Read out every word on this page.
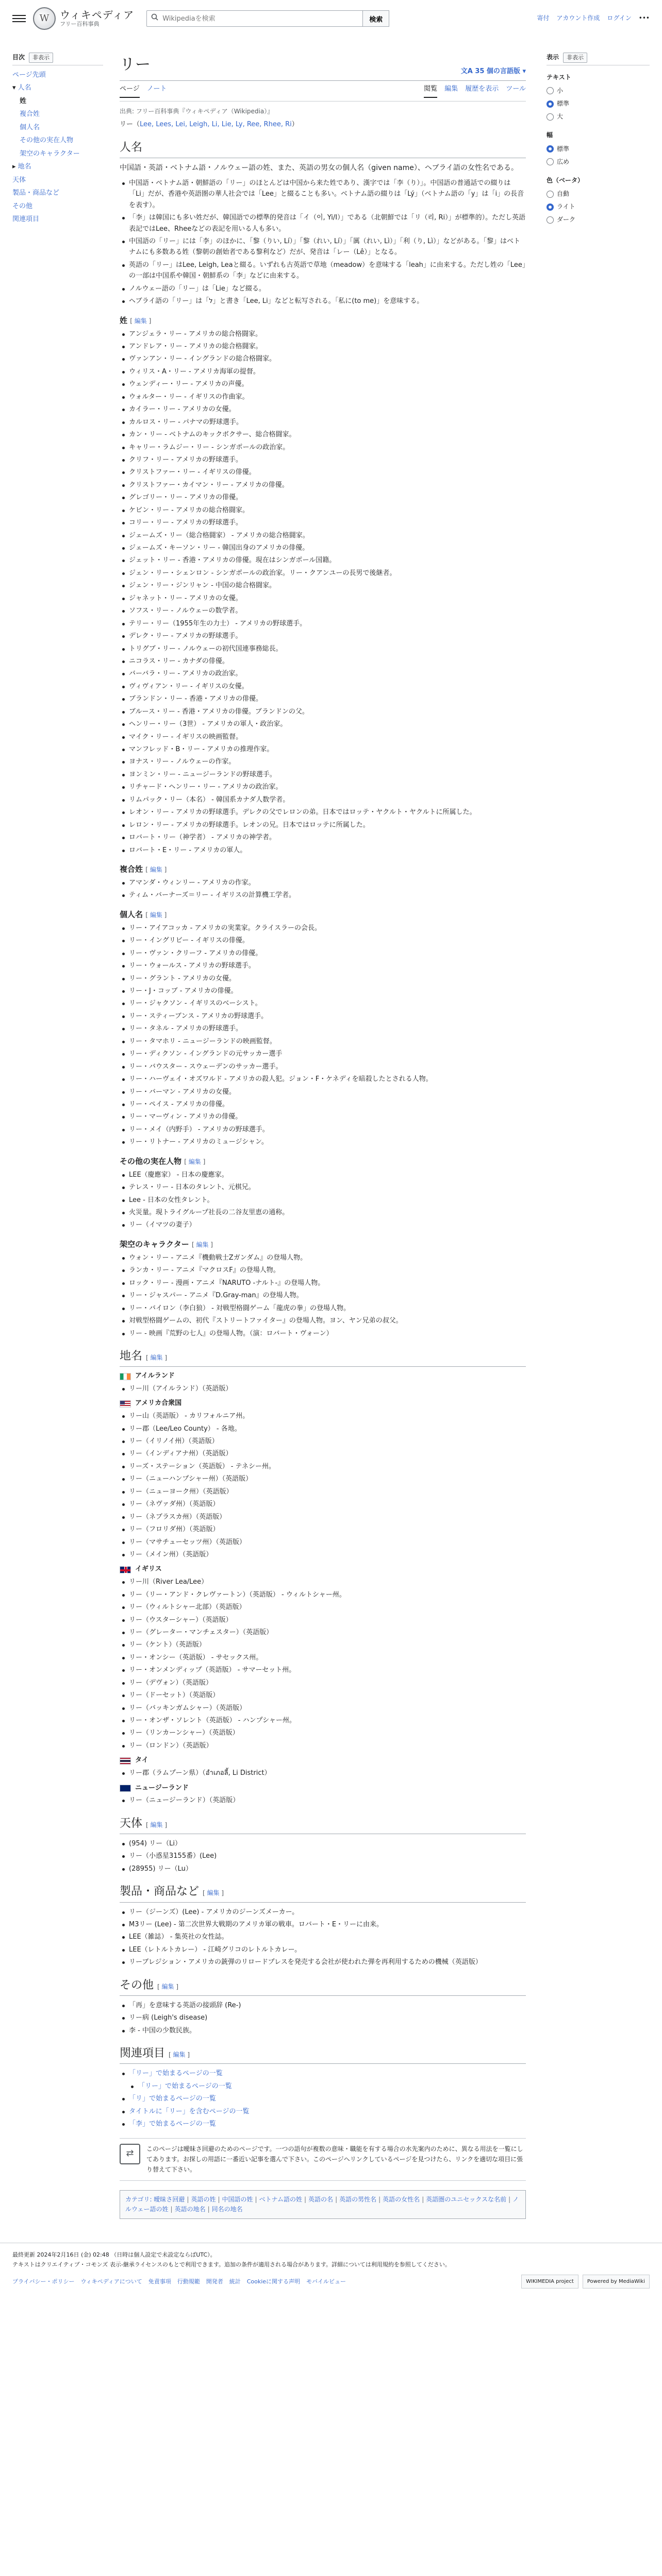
W	ウィキペディア
フリー百科事典
Wikipediaを検索
検索	寄付 アカウント作成 ログイン •••
目次	非表示
ページ先頭
▾ 人名
姓
複合姓
個人名
その他の実在人物
架空のキャラクター
▸ 地名
天体
製品・商品など
その他
関連項目
リー	文A 35 個の言語版 ▾
ページ ノート	閲覧 編集 履歴を表示 ツール
出典: フリー百科事典『ウィキペディア（Wikipedia）』
リー（Lee, Lees, Lei, Leigh, Li, Lie, Ly, Ree, Rhee, Ri）
人名

中国語・英語・ベトナム語・ノルウェー語の姓、また、英語の男女の個人名（given name）、ヘブライ語の女性名である。

中国語・ベトナム語・朝鮮語の「リー」のほとんどは中国から来た姓であり、漢字では「李（り）」。中国語の普通話での綴りは「Li」だが、香港や英語圏の華人社会では「Lee」と綴ることも多い。ベトナム語の綴りは「Lý」（ベトナム語の「y」は「i」の長音を表す）。
「李」は韓国にも多い姓だが、韓国語での標準的発音は「イ（이, Yi/I）」である（北朝鮮では「リ（리, Ri）」が標準的）。ただし英語表記ではLee、Rheeなどの表記を用いる人も多い。
中国語の「リー」には「李」のほかに、「黎（りい, Lí）」「黎（れい, Lí）」「厲（れい, Lì）」「利（り, Lì）」などがある。「黎」はベトナムにも多数ある姓（黎朝の創始者である黎利など）だが、発音は「レー（Lê）」となる。
英語の「リー」はLee, Leigh, Leaと綴る。いずれも古英語で草地（meadow）を意味する「leah」に由来する。ただし姓の「Lee」の一部は中国系や韓国・朝鮮系の「李」などに由来する。
ノルウェー語の「リー」は「Lie」など綴る。
ヘブライ語の「リー」は「ל」と書き「Lee, Li」などと転写される。「私に(to me)」を意味する。
姓 [ 編集 ]
アンジェラ・リー - アメリカの総合格闘家。
アンドレア・リー - アメリカの総合格闘家。
ヴァンアン・リー - イングランドの総合格闘家。
ウィリス・A・リー - アメリカ海軍の提督。
ウェンディー・リー - アメリカの声優。
ウォルター・リー - イギリスの作曲家。
カイラー・リー - アメリカの女優。
カルロス・リー - パナマの野球選手。
カン・リー - ベトナムのキックボクサー、総合格闘家。
キャリー・ラムジー・リー - シンガポールの政治家。
クリフ・リー - アメリカの野球選手。
クリストファー・リー - イギリスの俳優。
クリストファー・カイマン・リー - アメリカの俳優。
グレゴリー・リー - アメリカの俳優。
ケビン・リー - アメリカの総合格闘家。
コリー・リー - アメリカの野球選手。
ジェームズ・リー（総合格闘家） - アメリカの総合格闘家。
ジェームズ・キーソン・リー - 韓国出身のアメリカの俳優。
ジェット・リー - 香港・アメリカの俳優。現在はシンガポール国籍。
ジェン・リー・シェンロン - シンガポールの政治家。リー・クアンユーの長男で後継者。
ジェン・リー・ジンリャン - 中国の総合格闘家。
ジャネット・リー - アメリカの女優。
ソフス・リー - ノルウェーの数学者。
テリー・リー（1955年生の力士） - アメリカの野球選手。
デレク・リー - アメリカの野球選手。
トリグブ・リー - ノルウェーの初代国連事務総長。
ニコラス・リー - カナダの俳優。
バーバラ・リー - アメリカの政治家。
ヴィヴィアン・リー - イギリスの女優。
ブランドン・リー - 香港・アメリカの俳優。
ブルース・リー - 香港・アメリカの俳優。ブランドンの父。
ヘンリー・リー（3世） - アメリカの軍人・政治家。
マイク・リー - イギリスの映画監督。
マンフレッド・B・リー - アメリカの推理作家。
ヨナス・リー - ノルウェーの作家。
ヨンミン・リー - ニュージーランドの野球選手。
リチャード・ヘンリー・リー - アメリカの政治家。
リムパック・リー（本名） - 韓国系カナダ人数学者。
レオン・リー - アメリカの野球選手。デレクの父でレロンの弟。日本ではロッテ・ヤクルト・ヤクルトに所属した。
レロン・リー - アメリカの野球選手。レオンの兄。日本ではロッテに所属した。
ロバート・リー（神学者） - アメリカの神学者。
ロバート・E・リー - アメリカの軍人。
複合姓 [ 編集 ]
アマンダ・ウィンリー - アメリカの作家。
ティム・バーナーズ＝リー - イギリスの計算機工学者。
個人名 [ 編集 ]
リー・アイアコッカ - アメリカの実業家。クライスラーの会長。
リー・イングリビー - イギリスの俳優。
リー・ヴァン・クリーフ - アメリカの俳優。
リー・ウォールス - アメリカの野球選手。
リー・グラント - アメリカの女優。
リー・J・コッブ - アメリカの俳優。
リー・ジャクソン - イギリスのベーシスト。
リー・スティーブンス - アメリカの野球選手。
リー・タネル - アメリカの野球選手。
リー・タマホリ - ニュージーランドの映画監督。
リー・ディクソン - イングランドの元サッカー選手
リー・バウスター - スウェーデンのサッカー選手。
リー・ハーヴェイ・オズワルド - アメリカの殺人犯。ジョン・F・ケネディを暗殺したとされる人物。
リー・バーマン - アメリカの女優。
リー・ペイス - アメリカの俳優。
リー・マーヴィン - アメリカの俳優。
リー・メイ（内野手） - アメリカの野球選手。
リー・リトナー - アメリカのミュージシャン。
その他の実在人物 [ 編集 ]
LEE（慶應家） - 日本の慶應家。
テレス・リー - 日本のタレント、元棋兄。
Lee - 日本の女性タレント。
火災量。現トライグループ社長の二谷友里恵の通称。
リー（イマツの妻子）
架空のキャラクター [ 編集 ]
ウォン・リー - アニメ『機動戦士Zガンダム』の登場人物。
ランカ・リー - アニメ『マクロスF』の登場人物。
ロック・リー - 漫画・アニメ『NARUTO -ナルト-』の登場人物。
リー・ジャスパー - アニメ『D.Gray-man』の登場人物。
リー・バイロン（李白狼） - 対戦型格闘ゲーム「龍虎の拳」の登場人物。
対戦型格闘ゲームの、初代『ストリートファイター』の登場人物。ヨン、ヤン兄弟の叔父。
リー - 映画『荒野の七人』の登場人物。（演：ロバート・ヴォーン）
地名 [ 編集 ]
アイルランド
リー川（アイルランド）（英語版）
アメリカ合衆国
リー山（英語版） - カリフォルニア州。
リー郡（Lee/Leo County） - 各地。
リー（イリノイ州）（英語版）
リー（インディアナ州）（英語版）
リーズ・ステーション（英語版） - テネシー州。
リー（ニューハンプシャー州）（英語版）
リー（ニューヨーク州）（英語版）
リー（ネヴァダ州）（英語版）
リー（ネブラスカ州）（英語版）
リー（フロリダ州）（英語版）
リー（マサチューセッツ州）（英語版）
リー（メイン州）（英語版）
イギリス
リー川（River Lea/Lee）
リー（リー・アンド・クレヴァートン）（英語版） - ウィルトシャー州。
リー（ウィルトシャー北部）（英語版）
リー（ウスターシャー）（英語版）
リー（グレーター・マンチェスター）（英語版）
リー（ケント）（英語版）
リー・オンシー（英語版） - サセックス州。
リー・オンメンディップ（英語版） - サマーセット州。
リー（デヴォン）（英語版）
リー（ドーセット）（英語版）
リー（バッキンガムシャー）（英語版）
リー・オンザ・ソレント（英語版） - ハンプシャー州。
リー（リンカーンシャー）（英語版）
リー（ロンドン）（英語版）
タイ
リー郡（ラムプーン県）（อำเภอลี้, Li District）
ニュージーランド
リー（ニュージーランド）（英語版）
天体 [ 編集 ]
(954) リー（Li）
リー（小惑星3155番）(Lee)
(28955) リー（Lu）
製品・商品など [ 編集 ]
リー（ジーンズ）(Lee) - アメリカのジーンズメーカー。
M3リー (Lee) - 第二次世界大戦期のアメリカ軍の戦車。ロバート・E・リーに由来。
LEE（雑誌） - 集英社の女性誌。
LEE（レトルトカレー） - 江崎グリコのレトルトカレー。
リーブレジション・アメリカの銃弾のリロードプレスを発売する会社が使われた弾を再利用するための機械（英語版）
その他 [ 編集 ]
「再」を意味する英語の接頭辞 (Re-)
リー病 (Leigh's disease)
李 - 中国の少数民族。
関連項目 [ 編集 ]
「リー」で始まるページの一覧
「リー」で始まるページの一覧
「リ」で始まるページの一覧
タイトルに「リー」を含むページの一覧
「李」で始まるページの一覧
⇄	このページは曖昧さ回避のためのページです。一つの語句が複数の意味・職能を有する場合の水先案内のために、異なる用法を一覧にしてあります。お探しの用語に一番近い記事を選んで下さい。このページへリンクしているページを見つけたら、リンクを適切な項目に張り替えて下さい。
カテゴリ: 曖昧さ回避 | 英語の姓 | 中国語の姓 | ベトナム語の姓 | 英語の名 | 英語の男性名 | 英語の女性名 | 英語圏のユニセックスな名前 | ノルウェー語の姓 | 英語の地名 | 同名の地名
表示	非表示
テキスト
小
標準
大
幅
標準
広め
色（ベータ）
自動
ライト
ダーク
最終更新 2024年2月16日 (金) 02:48 （日時は個人設定で未設定ならばUTC）。
テキストはクリエイティブ・コモンズ 表示-継承ライセンスのもとで利用できます。追加の条件が適用される場合があります。詳細については利用規約を参照してください。
プライバシー・ポリシー ウィキペディアについて 免責事項 行動規範 開発者 統計 Cookieに関する声明 モバイルビュー	WIKIMEDIA project	Powered by MediaWiki
